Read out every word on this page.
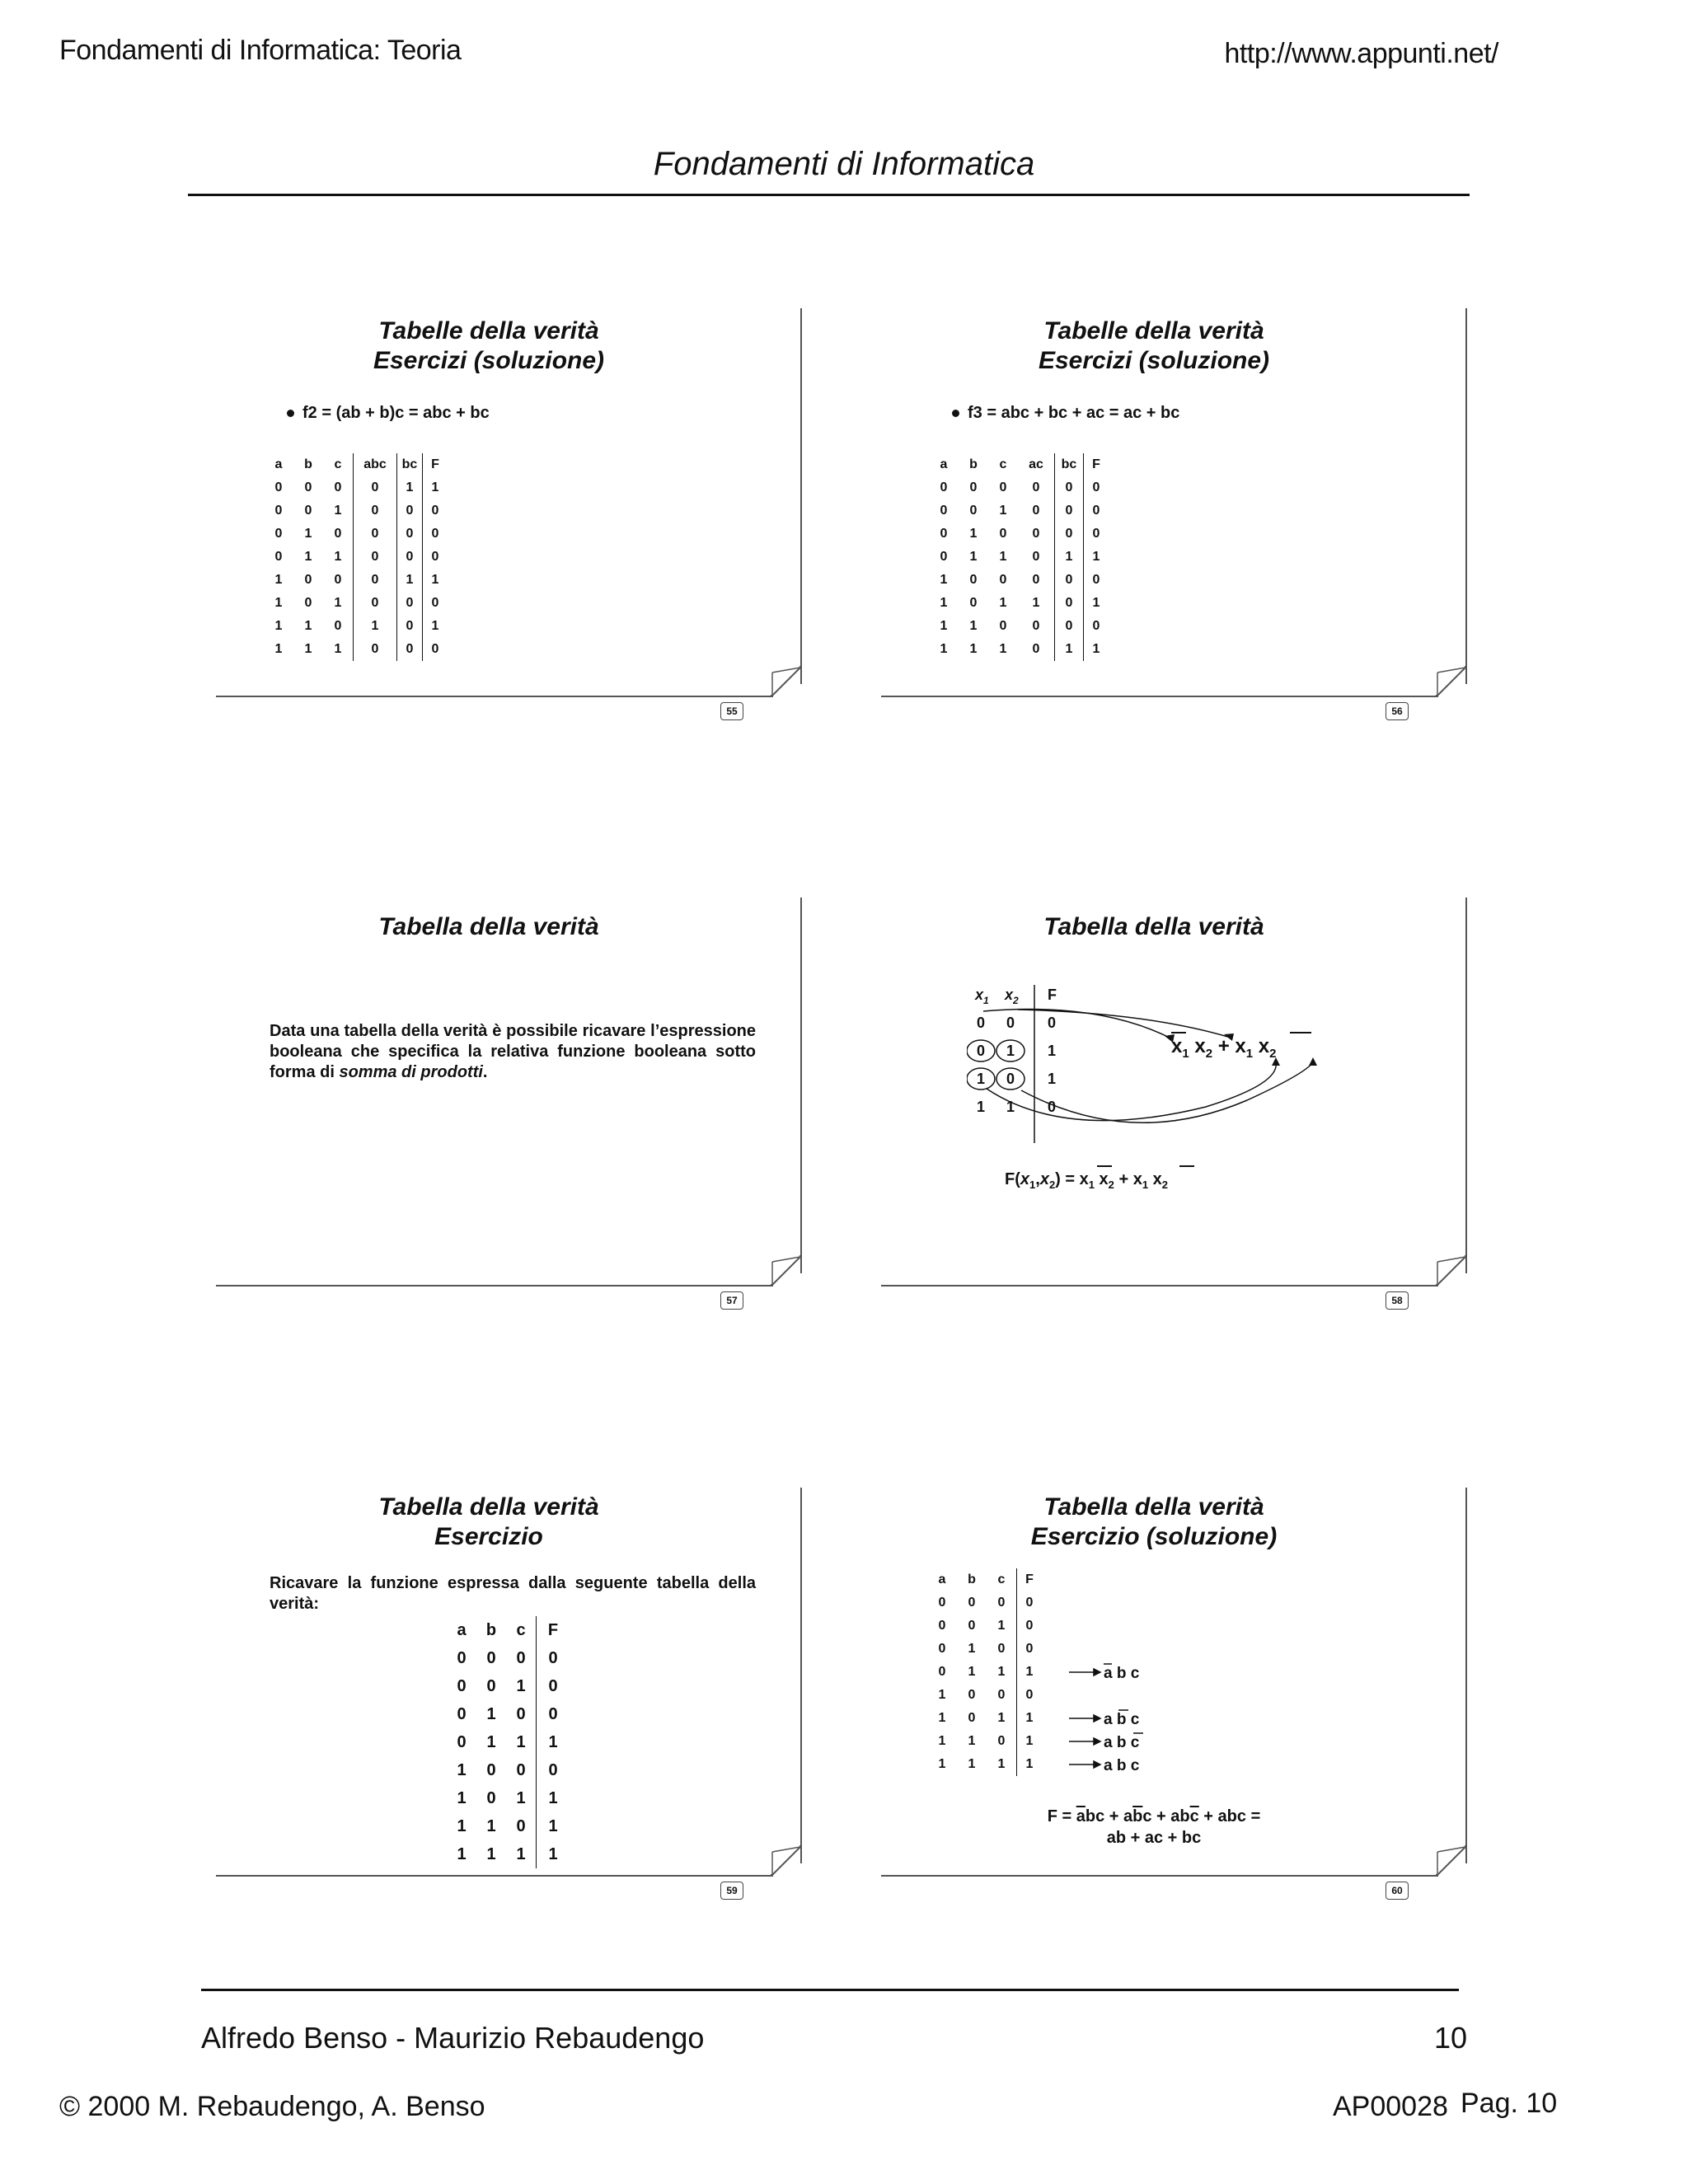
Fondamenti di Informatica: Teoria	http://www.appunti.net/
Fondamenti di Informatica
55
Tabelle della verità
Esercizi (soluzione)
f2 = (ab + b)c = abc + bc
a	b	c	abc	bc	F
0	0	0	0	1	1
0	0	1	0	0	0
0	1	0	0	0	0
0	1	1	0	0	0
1	0	0	0	1	1
1	0	1	0	0	0
1	1	0	1	0	1
1	1	1	0	0	0
56
Tabelle della verità
Esercizi (soluzione)
f3 = abc + bc + ac = ac + bc
a	b	c	ac	bc	F
0	0	0	0	0	0
0	0	1	0	0	0
0	1	0	0	0	0
0	1	1	0	1	1
1	0	0	0	0	0
1	0	1	1	0	1
1	1	0	0	0	0
1	1	1	0	1	1
57
Tabella della verità
Data una tabella della verità è possibile ricavare l’espressione booleana che specifica la relativa funzione booleana sotto forma di somma di prodotti.
58
Tabella della verità
$x_1$ $x_2$ F
0 0 0
0 1 1
1 0 1
1 1 0
$x_1$ $x_2 + x_1$ $x_2$
$F(x_1,x_2) = x_1$ $x_2 + x_1$ $x_2$
59
Tabella della verità
Esercizio
Ricavare la funzione espressa dalla seguente tabella della verità:
a	b	c	F
0	0	0	0
0	0	1	0
0	1	0	0
0	1	1	1
1	0	0	0
1	0	1	1
1	1	0	1
1	1	1	1
60
Tabella della verità
Esercizio (soluzione)
a	b	c	F
0	0	0	0
0	0	1	0
0	1	0	0
0	1	1	1
1	0	0	0
1	0	1	1
1	1	0	1
1	1	1	1
a b c
a b c
a b c
a b c
$F = \overline{a}bc + a\overline{b}c + ab\overline{c}$ + abc =
ab + ac + bc
Alfredo Benso - Maurizio Rebaudengo	10
© 2000 M. Rebaudengo, A. Benso	AP00028 Pag. 10
